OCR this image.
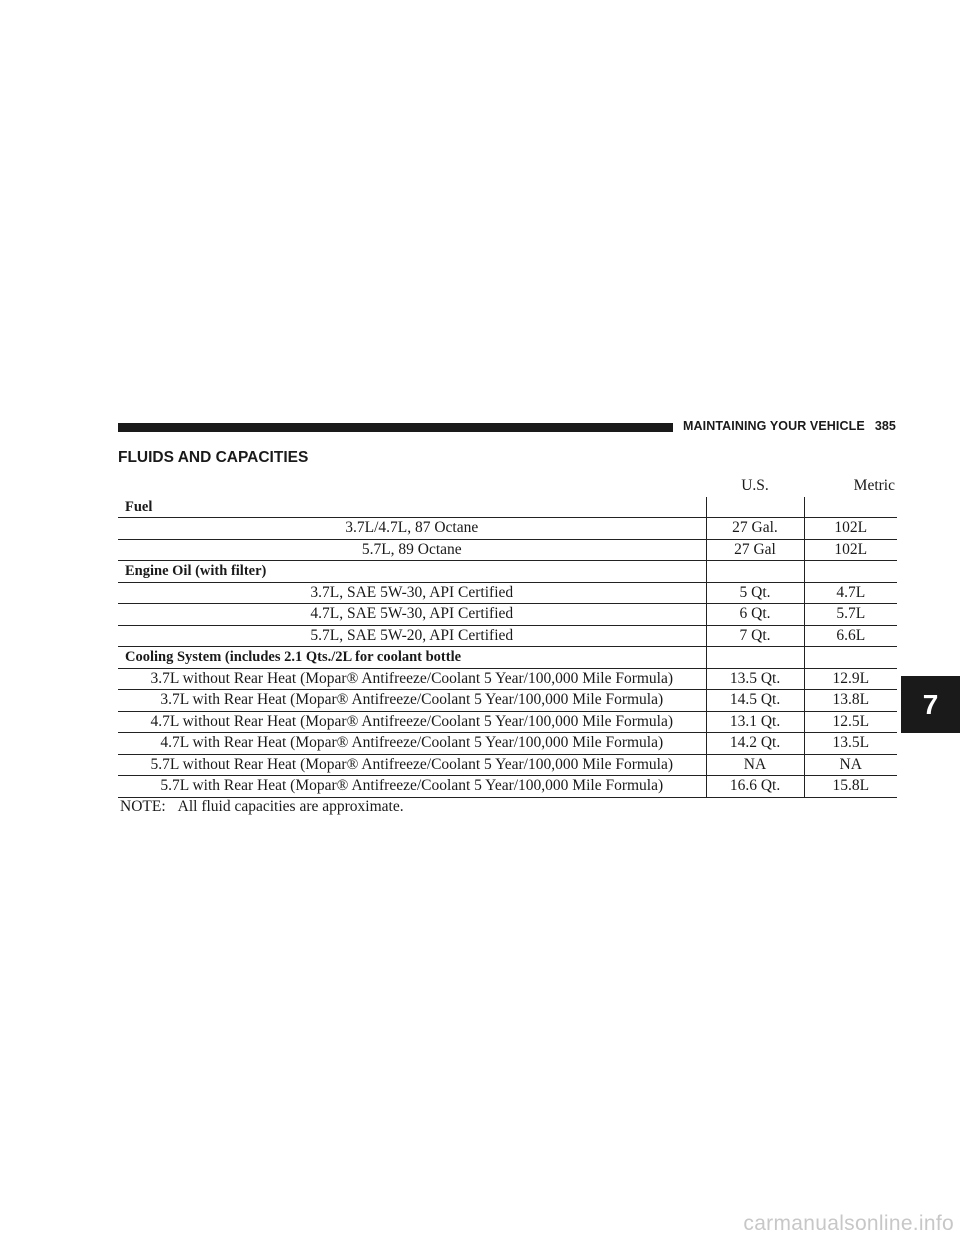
MAINTAINING YOUR VEHICLE 385
FLUIDS AND CAPACITIES
	U.S.	Metric
Fuel		
3.7L/4.7L, 87 Octane	27 Gal.	102L
5.7L, 89 Octane	27 Gal	102L
Engine Oil (with filter)		
3.7L, SAE 5W-30, API Certified	5 Qt.	4.7L
4.7L, SAE 5W-30, API Certified	6 Qt.	5.7L
5.7L, SAE 5W-20, API Certified	7 Qt.	6.6L
Cooling System (includes 2.1 Qts./2L for coolant bottle		
3.7L without Rear Heat (Mopar® Antifreeze/Coolant 5 Year/100,000 Mile Formula)	13.5 Qt.	12.9L
3.7L with Rear Heat (Mopar® Antifreeze/Coolant 5 Year/100,000 Mile Formula)	14.5 Qt.	13.8L
4.7L without Rear Heat (Mopar® Antifreeze/Coolant 5 Year/100,000 Mile Formula)	13.1 Qt.	12.5L
4.7L with Rear Heat (Mopar® Antifreeze/Coolant 5 Year/100,000 Mile Formula)	14.2 Qt.	13.5L
5.7L without Rear Heat (Mopar® Antifreeze/Coolant 5 Year/100,000 Mile Formula)	NA	NA
5.7L with Rear Heat (Mopar® Antifreeze/Coolant 5 Year/100,000 Mile Formula)	16.6 Qt.	15.8L
NOTE: All fluid capacities are approximate.
7
carmanualsonline.info
